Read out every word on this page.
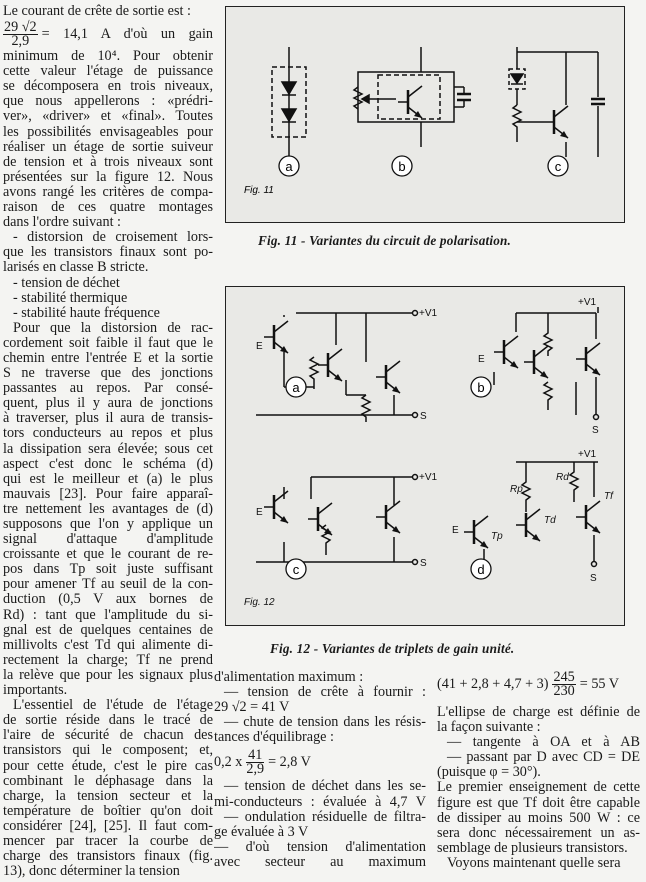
Le courant de crête de sortie est :
$\frac{29 √2}{2,9} = 14,1$ A d'où un gain
minimum de 10⁴. Pour obtenir
cette valeur l'étage de puissance
se décomposera en trois niveaux,
que nous appellerons : «prédri-
ver», «driver» et «final». Toutes
les possibilités envisageables pour
réaliser un étage de sortie suiveur
de tension et à trois niveaux sont
présentées sur la figure 12. Nous
avons rangé les critères de compa-
raison de ces quatre montages
dans l'ordre suivant :
- distorsion de croisement lors-
que les transistors finaux sont po-
larisés en classe B stricte.
- tension de déchet
- stabilité thermique
- stabilité haute fréquence
Pour que la distorsion de rac-
cordement soit faible il faut que le
chemin entre l'entrée E et la sortie
S ne traverse que des jonctions
passantes au repos. Par consé-
quent, plus il y aura de jonctions
à traverser, plus il aura de transis-
tors conducteurs au repos et plus
la dissipation sera élevée; sous cet
aspect c'est donc le schéma (d)
qui est le meilleur et (a) le plus
mauvais [23]. Pour faire apparaî-
tre nettement les avantages de (d)
supposons que l'on y applique un
signal d'attaque d'amplitude
croissante et que le courant de re-
pos dans Tp soit juste suffisant
pour amener Tf au seuil de la con-
duction (0,5 V aux bornes de
Rd) : tant que l'amplitude du si-
gnal est de quelques centaines de
millivolts c'est Td qui alimente di-
rectement la charge; Tf ne prend
la relève que pour les signaux plus
importants.
L'essentiel de l'étude de l'étage
de sortie réside dans le tracé de
l'aire de sécurité de chacun des
transistors qui le composent; et,
pour cette étude, c'est le pire cas
combinant le déphasage dans la
charge, la tension secteur et la
température de boîtier qu'on doit
considérer [24], [25]. Il faut com-
mencer par tracer la courbe de
charge des transistors finaux (fig.
13), donc déterminer la tension
a	b	c
Fig. 11
Fig. 11 - Variantes du circuit de polarisation.
+V1
+V1
+V1
+V1
E
E
E
E
S
S
S
S
Rp
Rd
Tp
Td
Tf
Fig. 12
a	b
c	d
Fig. 12 - Variantes de triplets de gain unité.
d'alimentation maximum :
— tension de crête à fournir :
29 √2 = 41 V
— chute de tension dans les résis-
tances d'équilibrage :
0,2 x $\frac{41}{2,9} = 2,8$ V
— tension de déchet dans les se-
mi-conducteurs : évaluée à 4,7 V
— ondulation résiduelle de filtra-
ge évaluée à 3 V
— d'où tension d'alimentation
avec secteur au maximum
$(41 + 2,8 + 4,7 + 3) \frac{245}{230} = 55$ V
L'ellipse de charge est définie de
la façon suivante :
— tangente à OA et à AB
— passant par D avec CD = DE
(puisque φ = 30°).
Le premier enseignement de cette
figure est que Tf doit être capable
de dissiper au moins 500 W : ce
sera donc nécessairement un as-
semblage de plusieurs transistors.
Voyons maintenant quelle sera
